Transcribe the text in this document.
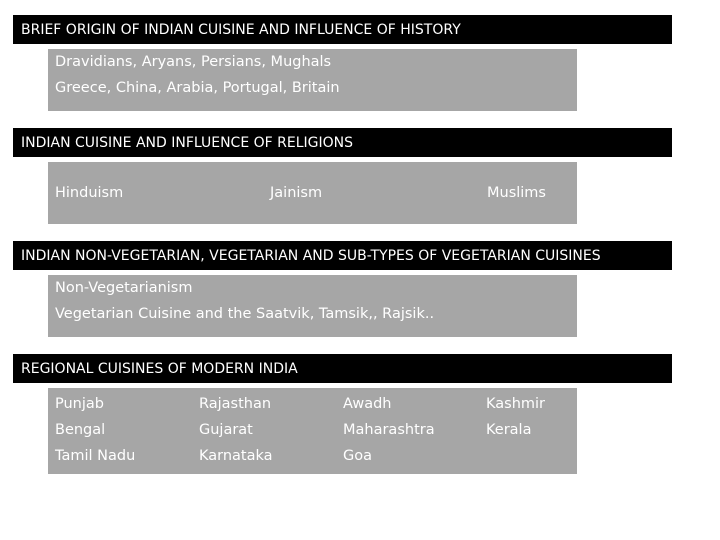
BRIEF ORIGIN OF INDIAN CUISINE AND INFLUENCE OF HISTORY
Dravidians, Aryans, Persians, Mughals
Greece, China, Arabia, Portugal, Britain
INDIAN CUISINE AND INFLUENCE OF RELIGIONS
Hinduism	Jainism	Muslims
INDIAN NON-VEGETARIAN, VEGETARIAN AND SUB-TYPES OF VEGETARIAN CUISINES
Non-Vegetarianism
Vegetarian Cuisine and the Saatvik, Tamsik,, Rajsik..
REGIONAL CUISINES OF MODERN INDIA
Punjab
Bengal
Tamil Nadu
Rajasthan
Gujarat
Karnataka
Awadh
Maharashtra
Goa
Kashmir
Kerala
